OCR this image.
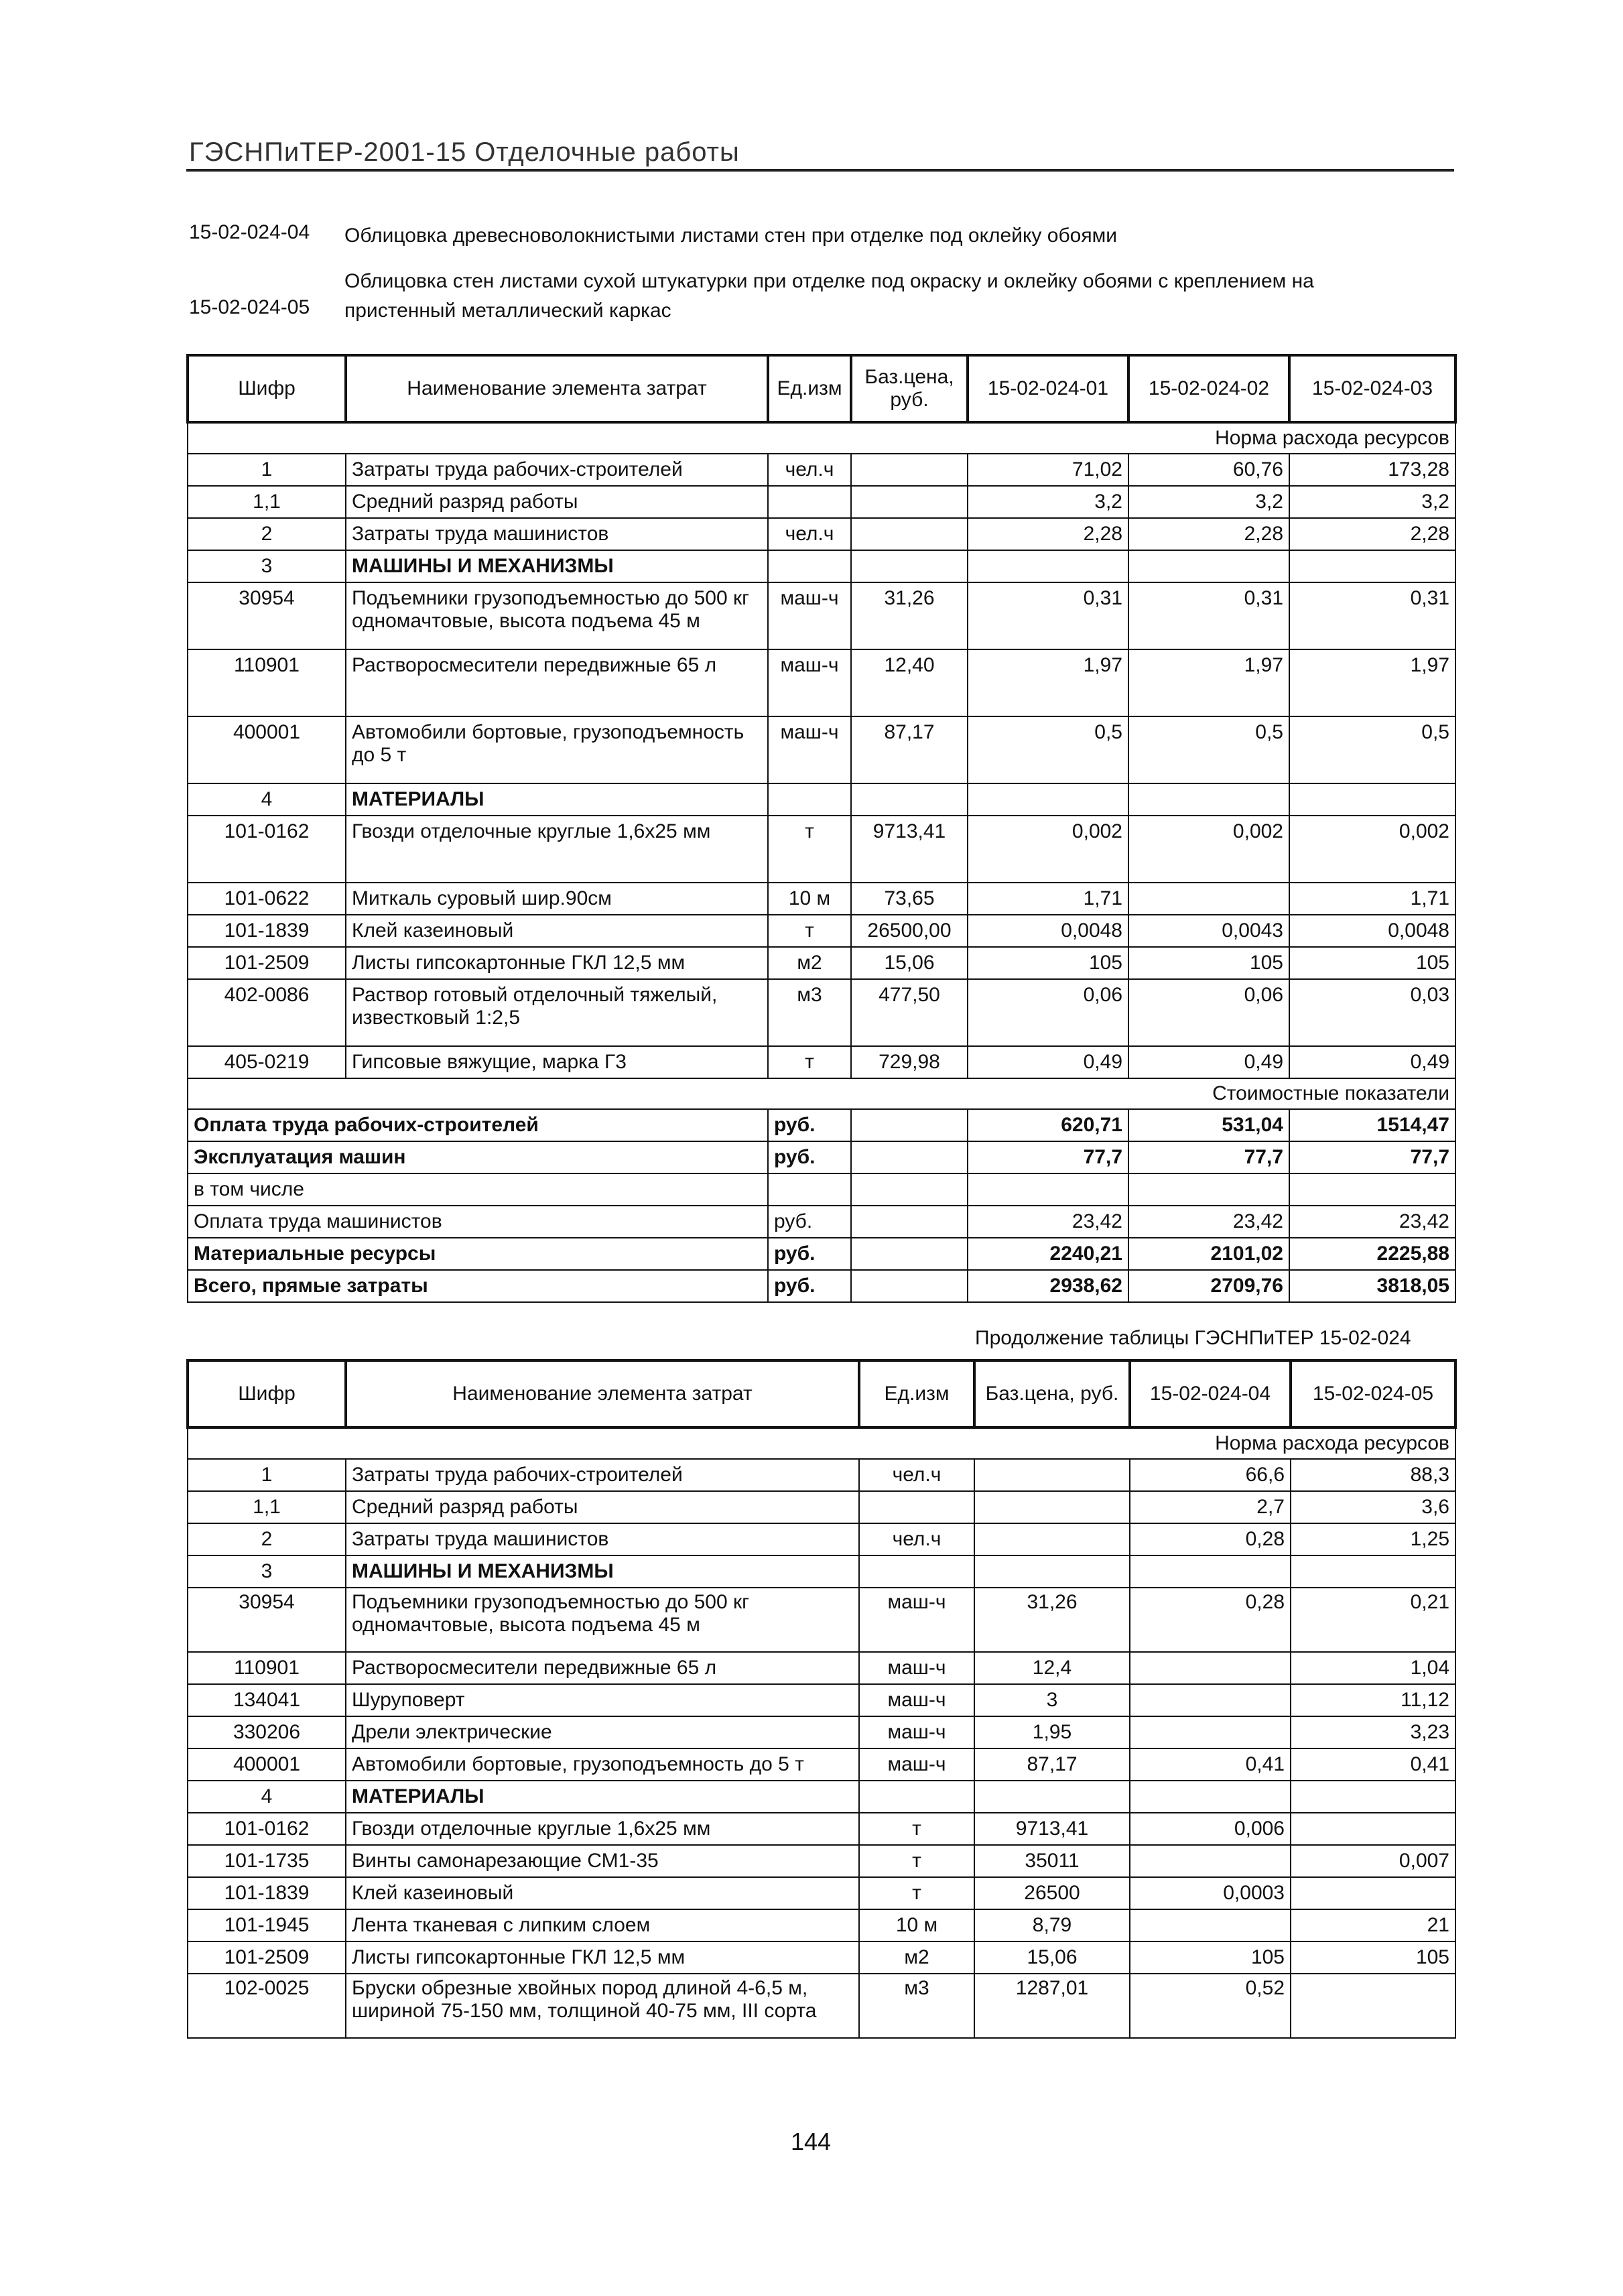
ГЭСНПиТЕР-2001-15 Отделочные работы
15-02-024-04 Облицовка древесноволокнистыми листами стен при отделке под оклейку обоями
15-02-024-05
Облицовка стен листами сухой штукатурки при отделке под окраску и оклейку обоями с креплением на
пристенный металлический каркас
Шифр	Наименование элемента затрат	Ед.изм	Баз.цена, руб.	15-02-024-01	15-02-024-02	15-02-024-03
Норма расхода ресурсов						
1	Затраты труда рабочих-строителей	чел.ч		71,02	60,76	173,28
1,1	Средний разряд работы			3,2	3,2	3,2
2	Затраты труда машинистов	чел.ч		2,28	2,28	2,28
3	МАШИНЫ И МЕХАНИЗМЫ					
30954	Подъемники грузоподъемностью до 500 кг одномачтовые, высота подъема 45 м	маш-ч	31,26	0,31	0,31	0,31
110901	Растворосмесители передвижные 65 л	маш-ч	12,40	1,97	1,97	1,97
400001	Автомобили бортовые, грузоподъемность до 5 т	маш-ч	87,17	0,5	0,5	0,5
4	МАТЕРИАЛЫ					
101-0162	Гвозди отделочные круглые 1,6x25 мм	т	9713,41	0,002	0,002	0,002
101-0622	Миткаль суровый шир.90см	10 м	73,65	1,71		1,71
101-1839	Клей казеиновый	т	26500,00	0,0048	0,0043	0,0048
101-2509	Листы гипсокартонные ГКЛ 12,5 мм	м2	15,06	105	105	105
402-0086	Раствор готовый отделочный тяжелый, известковый 1:2,5	м3	477,50	0,06	0,06	0,03
405-0219	Гипсовые вяжущие, марка Г3	т	729,98	0,49	0,49	0,49
Стоимостные показатели						
Оплата труда рабочих-строителей		руб.		620,71	531,04	1514,47
Эксплуатация машин		руб.		77,7	77,7	77,7
в том числе						
Оплата труда машинистов		руб.		23,42	23,42	23,42
Материальные ресурсы		руб.		2240,21	2101,02	2225,88
Всего, прямые затраты		руб.		2938,62	2709,76	3818,05
Продолжение таблицы ГЭСНПиТЕР 15-02-024
Шифр	Наименование элемента затрат	Ед.изм	Баз.цена, руб.	15-02-024-04	15-02-024-05
Норма расхода ресурсов					
1	Затраты труда рабочих-строителей	чел.ч		66,6	88,3
1,1	Средний разряд работы			2,7	3,6
2	Затраты труда машинистов	чел.ч		0,28	1,25
3	МАШИНЫ И МЕХАНИЗМЫ				
30954	Подъемники грузоподъемностью до 500 кг одномачтовые, высота подъема 45 м	маш-ч	31,26	0,28	0,21
110901	Растворосмесители передвижные 65 л	маш-ч	12,4		1,04
134041	Шуруповерт	маш-ч	3		11,12
330206	Дрели электрические	маш-ч	1,95		3,23
400001	Автомобили бортовые, грузоподъемность до 5 т	маш-ч	87,17	0,41	0,41
4	МАТЕРИАЛЫ				
101-0162	Гвозди отделочные круглые 1,6x25 мм	т	9713,41	0,006	
101-1735	Винты самонарезающие СМ1-35	т	35011		0,007
101-1839	Клей казеиновый	т	26500	0,0003	
101-1945	Лента тканевая с липким слоем	10 м	8,79		21
101-2509	Листы гипсокартонные ГКЛ 12,5 мм	м2	15,06	105	105
102-0025	Бруски обрезные хвойных пород длиной 4-6,5 м, шириной 75-150 мм, толщиной 40-75 мм, III сорта	м3	1287,01	0,52	
144
